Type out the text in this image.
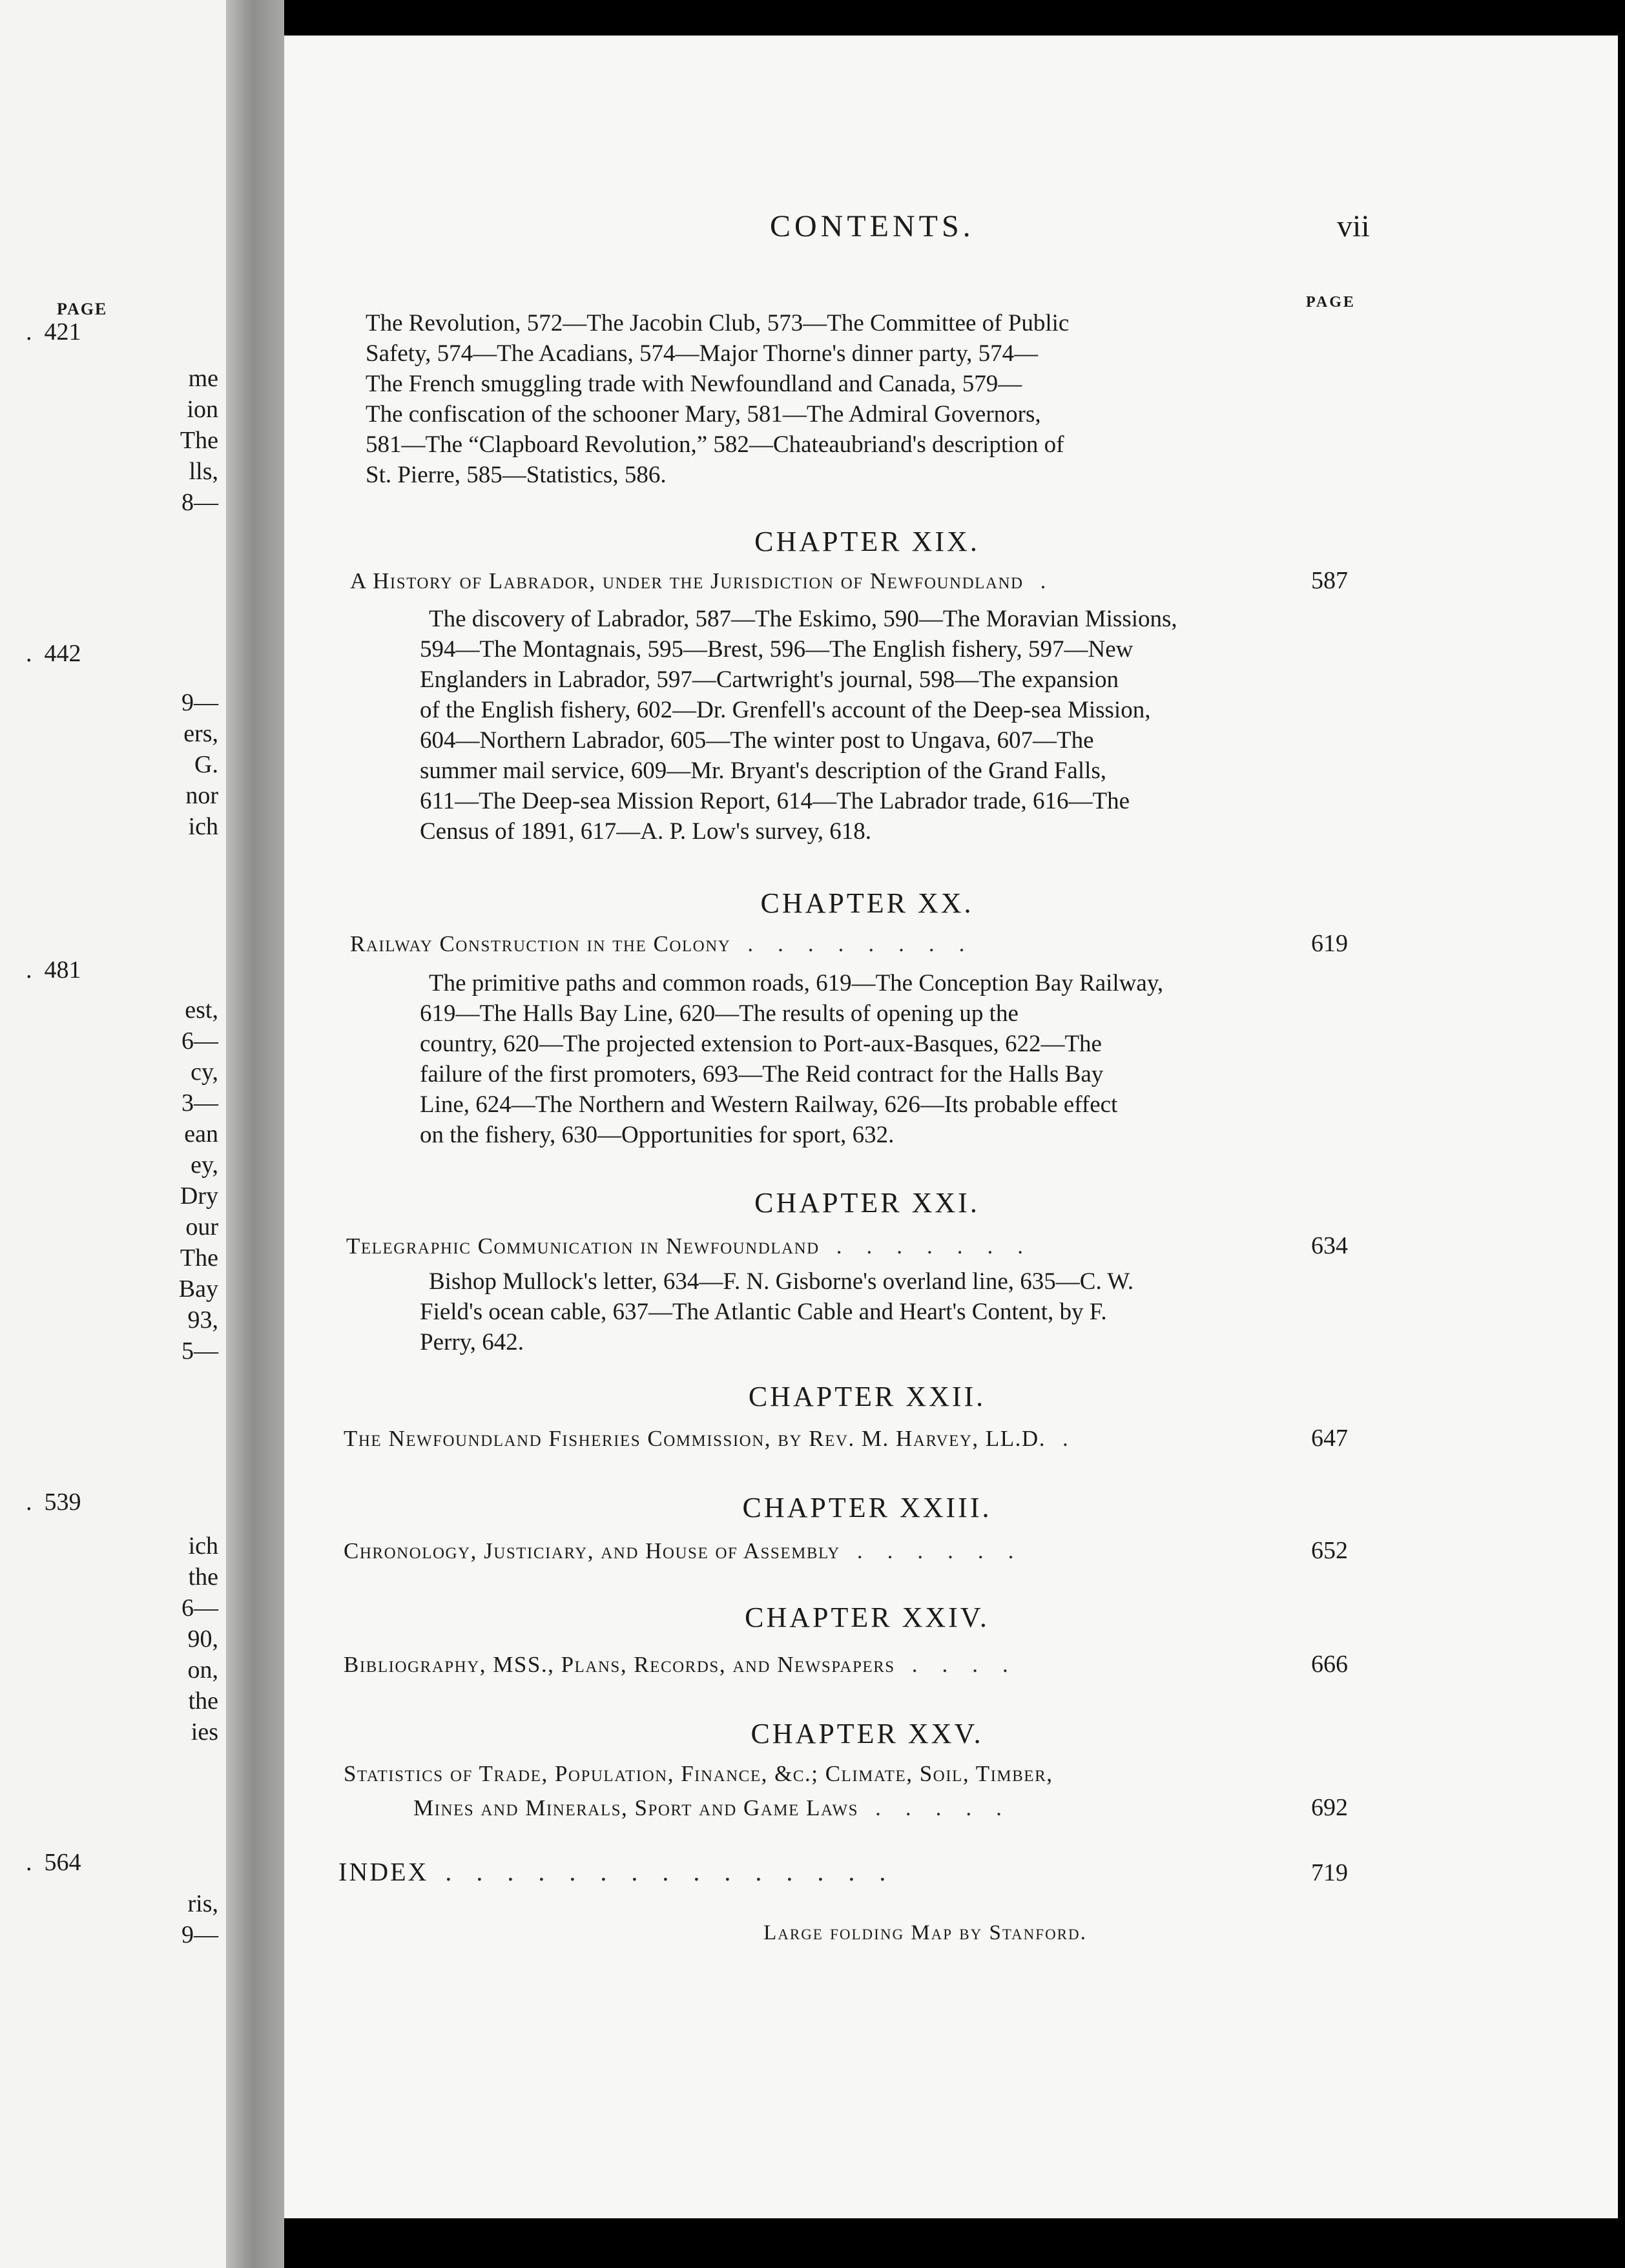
PAGE
.  421
me
ion
The
lls,
8—
.  442
9—
ers,
G.
nor
ich
.  481
est,
6—
cy,
3—
ean
ey,
Dry
our
The
Bay
93,
5—
.  539
ich
the
6—
90,
on,
the
ies
.  564
ris,
9—
CONTENTS.	vii
PAGE
The Revolution, 572—The Jacobin Club, 573—The Committee of Public
Safety, 574—The Acadians, 574—Major Thorne's dinner party, 574—
The French smuggling trade with Newfoundland and Canada, 579—
The confiscation of the schooner Mary, 581—The Admiral Governors,
581—The “Clapboard Revolution,” 582—Chateaubriand's description of
St. Pierre, 585—Statistics, 586.
CHAPTER XIX.
A History of Labrador, under the Jurisdiction of Newfoundland .	587
The discovery of Labrador, 587—The Eskimo, 590—The Moravian Missions,
594—The Montagnais, 595—Brest, 596—The English fishery, 597—New
Englanders in Labrador, 597—Cartwright's journal, 598—The expansion
of the English fishery, 602—Dr. Grenfell's account of the Deep-sea Mission,
604—Northern Labrador, 605—The winter post to Ungava, 607—The
summer mail service, 609—Mr. Bryant's description of the Grand Falls,
611—The Deep-sea Mission Report, 614—The Labrador trade, 616—The
Census of 1891, 617—A. P. Low's survey, 618.
CHAPTER XX.
Railway Construction in the Colony ........	619
The primitive paths and common roads, 619—The Conception Bay Railway,
619—The Halls Bay Line, 620—The results of opening up the
country, 620—The projected extension to Port-aux-Basques, 622—The
failure of the first promoters, 693—The Reid contract for the Halls Bay
Line, 624—The Northern and Western Railway, 626—Its probable effect
on the fishery, 630—Opportunities for sport, 632.
CHAPTER XXI.
Telegraphic Communication in Newfoundland .......	634
Bishop Mullock's letter, 634—F. N. Gisborne's overland line, 635—C. W.
Field's ocean cable, 637—The Atlantic Cable and Heart's Content, by F.
Perry, 642.
CHAPTER XXII.
The Newfoundland Fisheries Commission, by Rev. M. Harvey, LL.D. .	647
CHAPTER XXIII.
Chronology, Justiciary, and House of Assembly ......	652
CHAPTER XXIV.
Bibliography, MSS., Plans, Records, and Newspapers ....	666
CHAPTER XXV.
Statistics of Trade, Population, Finance, &c.; Climate, Soil, Timber,
Mines and Minerals, Sport and Game Laws .....	692
INDEX ...............	719
Large folding Map by Stanford.
